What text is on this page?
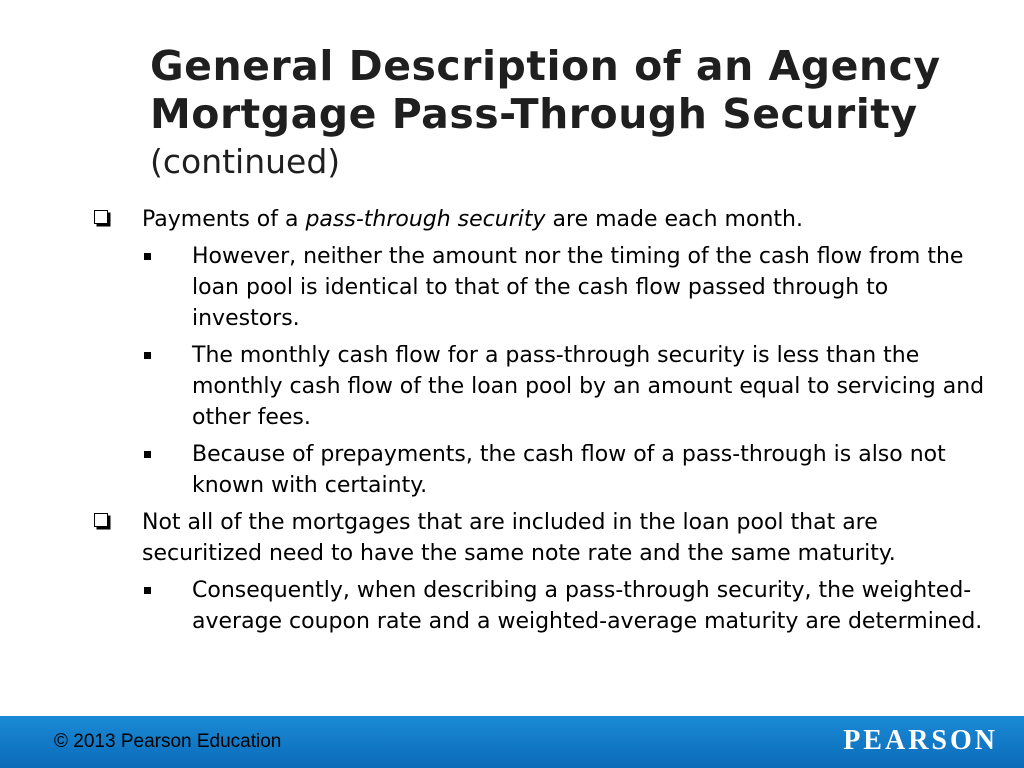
General Description of an Agency
Mortgage Pass-Through Security
(continued)
Payments of a pass-through security are made each month.
However, neither the amount nor the timing of the cash flow from the loan pool is identical to that of the cash flow passed through to investors.
The monthly cash flow for a pass-through security is less than the monthly cash flow of the loan pool by an amount equal to servicing and other fees.
Because of prepayments, the cash flow of a pass-through is also not known with certainty.
Not all of the mortgages that are included in the loan pool that are securitized need to have the same note rate and the same maturity.
Consequently, when describing a pass-through security, the weighted-average coupon rate and a weighted-average maturity are determined.
© 2013 Pearson Education	PEARSON
